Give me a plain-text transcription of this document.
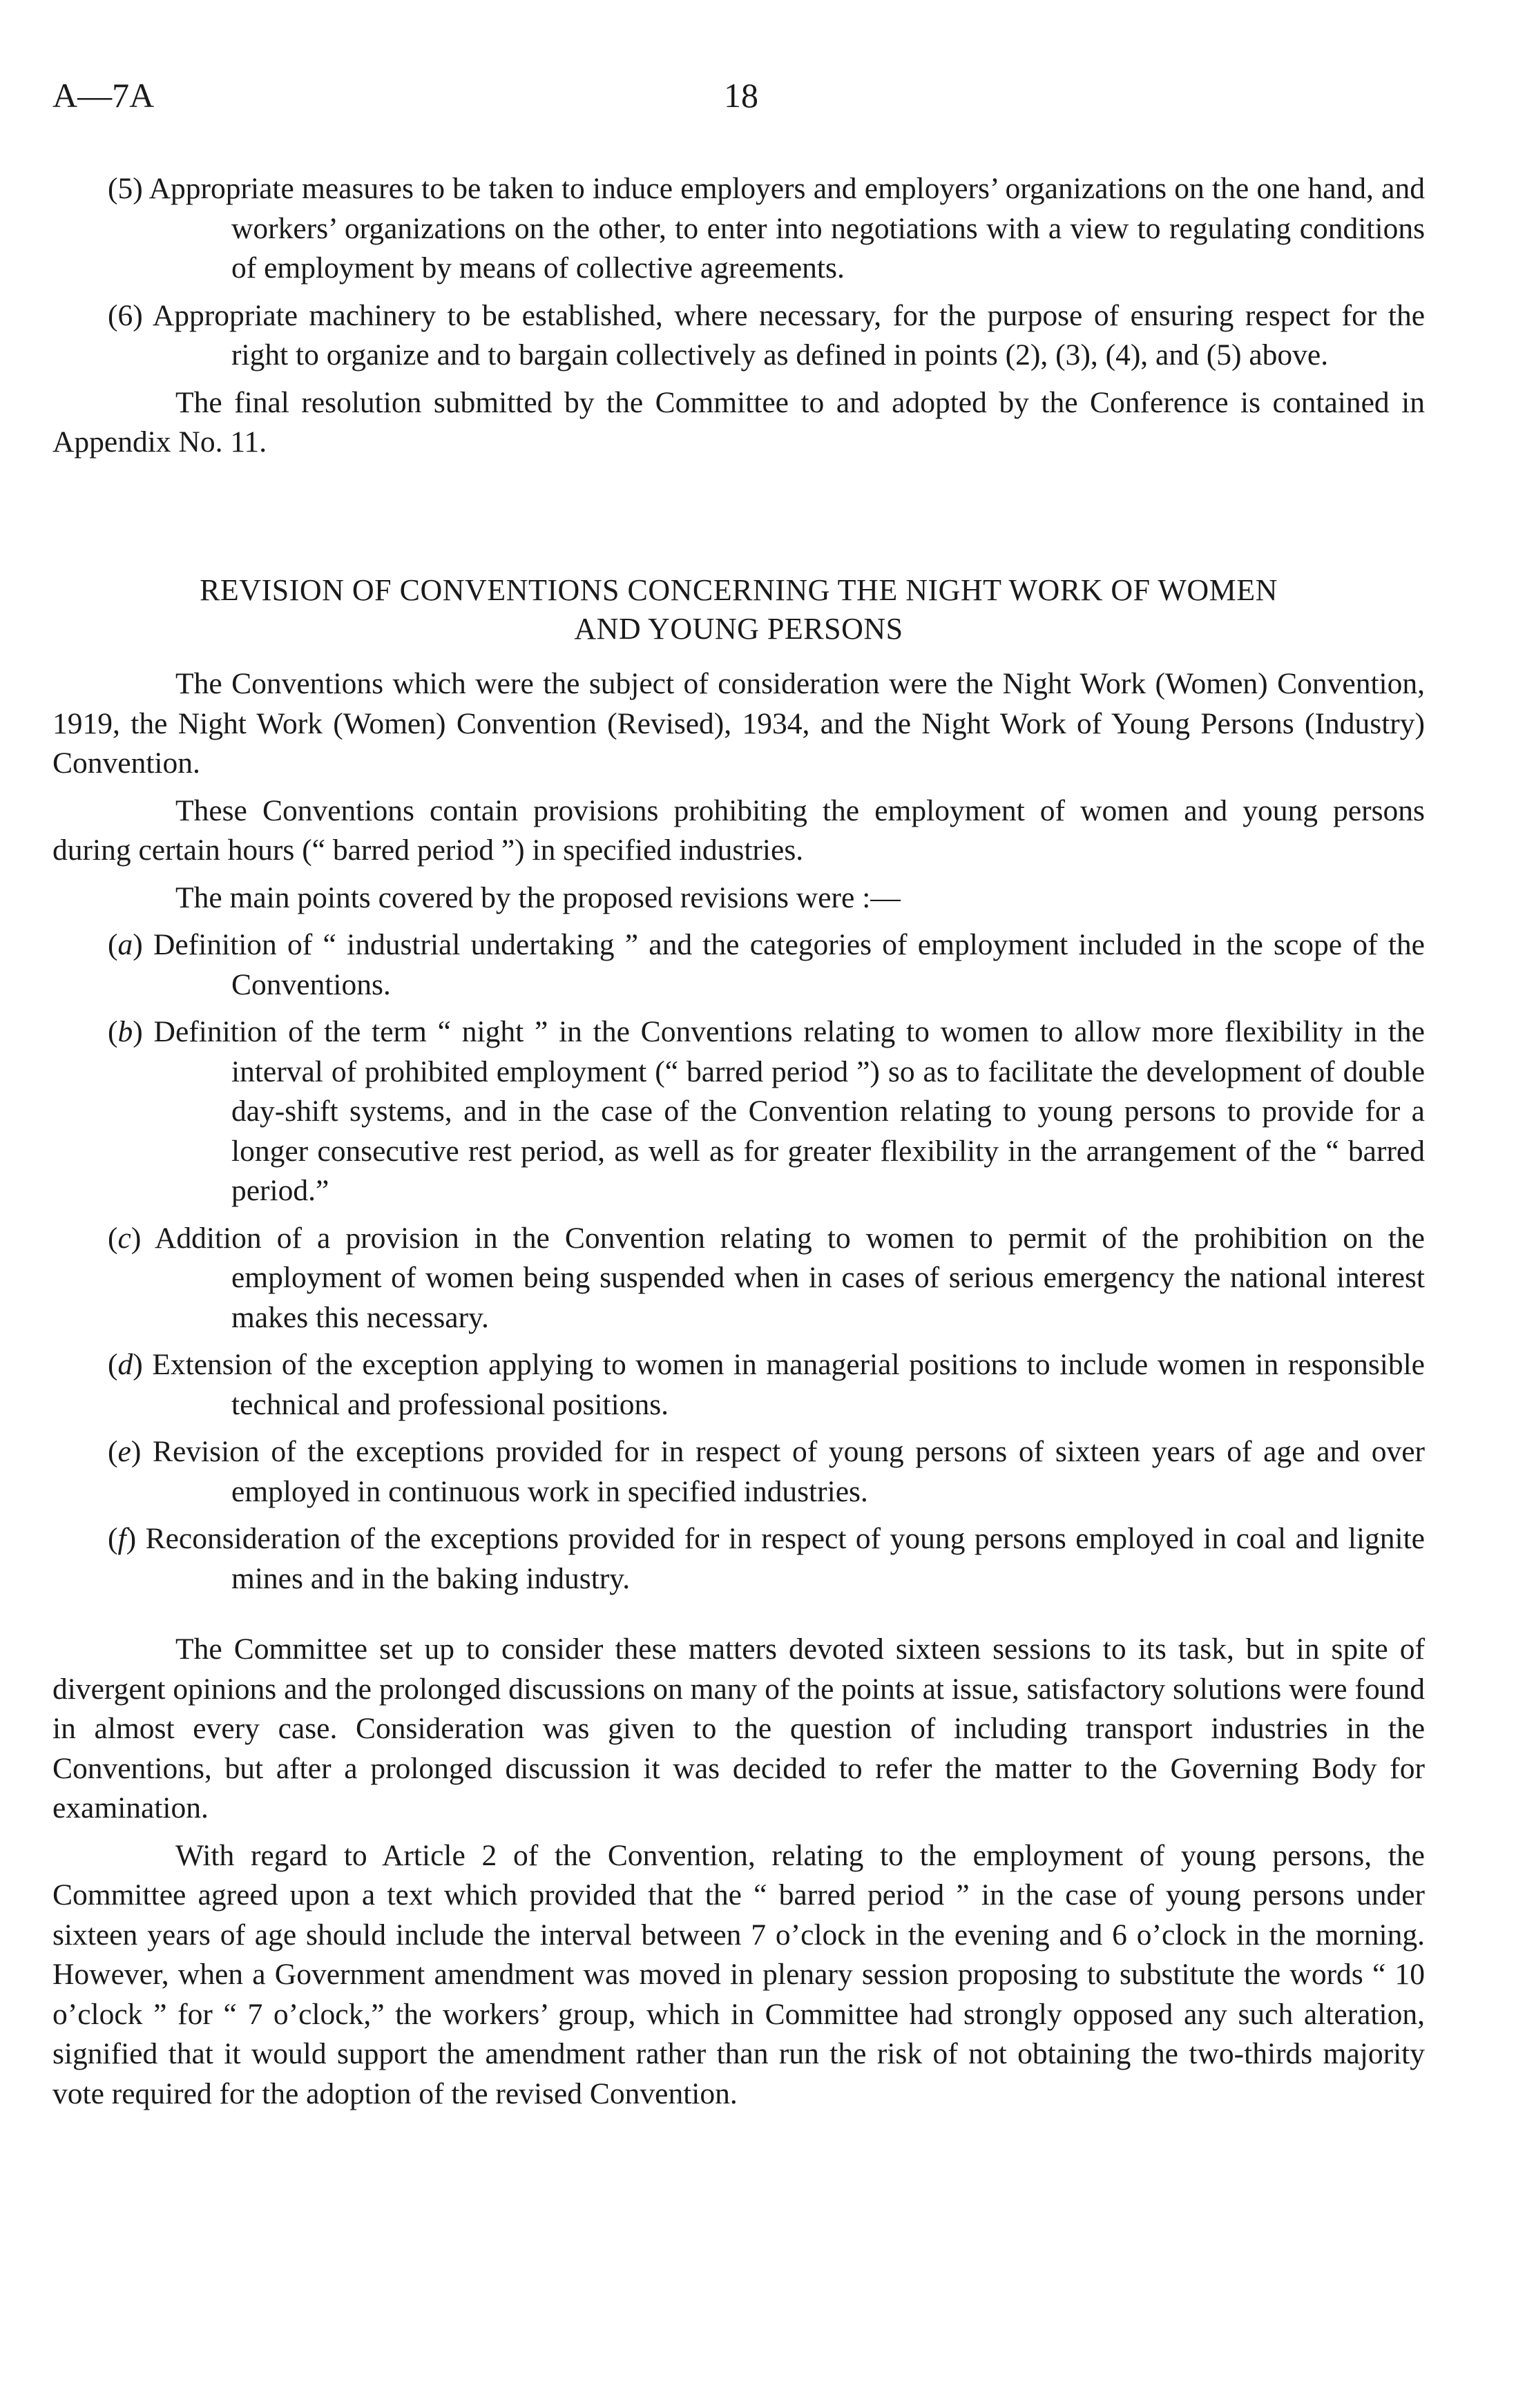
A—7A	18

(5) Appropriate measures to be taken to induce employers and employers’ organizations on the one hand, and workers’ organizations on the other, to enter into negotiations with a view to regulating conditions of employment by means of collective agreements.

(6) Appropriate machinery to be established, where necessary, for the purpose of ensuring respect for the right to organize and to bargain collectively as defined in points (2), (3), (4), and (5) above.

The final resolution submitted by the Committee to and adopted by the Conference is contained in Appendix No. 11.

REVISION OF CONVENTIONS CONCERNING THE NIGHT WORK OF WOMEN

AND YOUNG PERSONS

The Conventions which were the subject of consideration were the Night Work (Women) Convention, 1919, the Night Work (Women) Convention (Revised), 1934, and the Night Work of Young Persons (Industry) Convention.

These Conventions contain provisions prohibiting the employment of women and young persons during certain hours (“ barred period ”) in specified industries.

The main points covered by the proposed revisions were :—

(a) Definition of “ industrial undertaking ” and the categories of employment included in the scope of the Conventions.

(b) Definition of the term “ night ” in the Conventions relating to women to allow more flexibility in the interval of prohibited employment (“ barred period ”) so as to facilitate the development of double day-shift systems, and in the case of the Convention relating to young persons to provide for a longer consecutive rest period, as well as for greater flexibility in the arrangement of the “ barred period.”

(c) Addition of a provision in the Convention relating to women to permit of the prohibition on the employment of women being suspended when in cases of serious emergency the national interest makes this necessary.

(d) Extension of the exception applying to women in managerial positions to include women in responsible technical and professional positions.

(e) Revision of the exceptions provided for in respect of young persons of sixteen years of age and over employed in continuous work in specified industries.

(f) Reconsideration of the exceptions provided for in respect of young persons employed in coal and lignite mines and in the baking industry.

The Committee set up to consider these matters devoted sixteen sessions to its task, but in spite of divergent opinions and the prolonged discussions on many of the points at issue, satisfactory solutions were found in almost every case. Consideration was given to the question of including transport industries in the Conventions, but after a prolonged discussion it was decided to refer the matter to the Governing Body for examination.

With regard to Article 2 of the Convention, relating to the employment of young persons, the Committee agreed upon a text which provided that the “ barred period ” in the case of young persons under sixteen years of age should include the interval between 7 o’clock in the evening and 6 o’clock in the morning. However, when a Government amendment was moved in plenary session proposing to substitute the words “ 10 o’clock ” for “ 7 o’clock,” the workers’ group, which in Committee had strongly opposed any such alteration, signified that it would support the amendment rather than run the risk of not obtaining the two-thirds majority vote required for the adoption of the revised Convention.
